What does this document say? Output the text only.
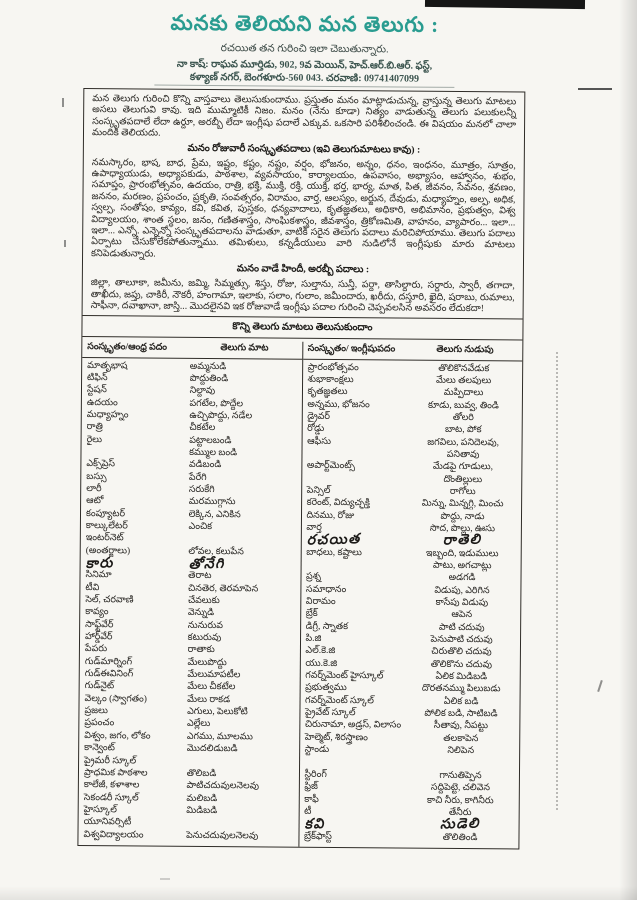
మనకు తెలియని మన తెలుగు :
రచయిత తన గురించి ఇలా చెబుతున్నారు.
నా కాష్: రాఘవ మూర్తిడు, 902, 9వ మెయిన్, హెచ్.ఆర్.బి.ఆర్. ఫస్ట్,
కళ్యాణ్ నగర్, బెంగళూరు-560 043. చరవాణి: 09741407099

మన తెలుగు గురించి కొన్ని వాస్తవాలు తెలుసుకుందాము. ప్రస్తుతం మనం మాట్లాడుచున్న, వ్రాస్తున్న తెలుగు మాటలు అసలు తెలుగువి కావు. ఇది ముమ్మాటికీ నిజం. మనం (నేను కూడా) నిత్యం వాడుతున్న తెలుగు పలుకులన్నీ సంస్కృతపదాలే లేదా ఉర్దూ, అరబ్బీ లేదా ఇంగ్లీషు పదాలే ఎక్కువ. ఒకసారి పరిశీలించండి. ఈ విషయం మనలో చాలా మందికి తెలియదు.

మనం రోజువారీ సంస్కృతపదాలు (ఇవి తెలుగుమాటలు కావు) :

నమస్కారం, భాష, బాధ, ప్రేమ, ఇష్టం, కష్టం, నష్టం, వర్షం, భోజనం, అన్నం, ధనం, ఇంధనం, మూత్రం, సూత్రం, ఉపాధ్యాయుడు, అధ్యాపకుడు, పాఠశాల, వ్యవసాయం, కార్యాలయం, ఉపవాసం, అభ్యాసం, ఆహ్వానం, శుభం, సమాప్తం, ప్రారంభోత్సవం, ఉదయం, రాత్రి, భక్తి, ముక్తి, రక్తి, యుక్తి, భర్త, భార్య, మాత, పిత, జీవనం, సేవనం, శ్రవణం, జననం, మరణం, ప్రపంచం, ప్రకృతి, సంవత్సరం, విరామం, వార్త, ఆలస్యం, అర్జున, దేవుడు, మధ్యాహ్నం, అల్ప, అధిక, స్వల్ప, సంతోషం, కావ్యం, కవి, కవిత, పుస్తకం, ధన్యవాదాలు, కృతజ్ఞతలు, అధికారి, అభిమానం, ప్రభుత్వం, విశ్వ విద్యాలయం, శాంత స్థలం, జనం, గణితశాస్త్రం, సాంఘికశాస్త్రం, జీవశాస్త్రం, త్రికోణమితి, వాహనం, వ్యాపారం... ఇలా... ఇలా... ఎన్నో. ఎన్నెన్నో సంస్కృతపదాలను వాడుతూ, వాటికి సరైన తెలుగు పదాలు మరిచిపోయాము. తెలుగు పదాలు ఏర్పాటు చేసుకోలేకపోతున్నాము. తమిళులు, కన్నడీయులు వారి నుడిలోనే ఇంగ్లీషుకు మారు మాటలు కనిపెడుతున్నారు.

మనం వాడే హిందీ, అరబ్బీ పదాలు :

జిల్లా, తాలూకా, జమీను, జమ్మి, సిమ్మత్సు, శిస్తు, రోజు, సుల్తాను, సున్తీ, పర్దా, తాసిల్దారు, సర్దారు, స్వారీ, తగాదా, తాఖీదు, జప్తు, చాకిరీ, నౌకరీ, హంగామా, ఇలాకు, సలాం, గులాం, జమీందారు, ఖరీదు, దస్తూరి, ఖైది, షరాబు, రుమాలు, సాఫీనా, దవాఖానా, జాస్తి... మొదలైనవి ఇక రోజువాడే ఇంగ్లీషు పదాల గురించి చెప్పవలసిన అవసరం లేదుకదా!

కొన్ని తెలుగు మాటలు తెలుసుకుందాం
సంస్కృతం/ఆంధ్ర పదం	తెలుగు మాట
మాతృభాష	అమ్మనుడి
టిఫిన్	పొద్దుతిండి
స్టేషన్	నిల్దావు
ఉదయం	పగటేల, పొద్దేల
మధ్యాహ్నం	ఉచ్చిపొద్దు, నడేల
రాత్రి	చీకటేల
రైలు	పట్టాలబండి
కమ్ముల బండి
ఎక్స్‌ప్రెస్	వడిబండి
బస్సు	పేరేగి
లారీ	సరుకేగి
ఆటో	మరముగ్గాను
కంప్యూటర్	లెక్కిన, ఎనికిన
కాల్కులేటర్	ఎంచిక
ఇంటర్‌నెట్
(అంతర్జాలు)	లోవల, కలుపేన
కారు	తోనేగి
సినిమా	తెరాట
టీవి	చినతెర, తెరమాపెన
సెల్, చరవాణి	చేవలుకు
కావ్యం	వెన్నుడి
సాఫ్ట్‌వేర్	నునురువ
హార్డ్‌వేర్	కటురువు
పేపరు	రాతాకు
గుడ్‌మార్నింగ్	మేలుపొద్దు
గుడ్‌ఈవినింగ్	మేలుమాపటీల
గుడ్‌నైట్	మేలు చీకటేల
వెల్కం (స్వాగతం)	మేలు రాకడ
ప్రజలు	ఎగులు, పెలుకోటి
ప్రపంచం	ఎల్లేలు
విశ్వం, జగం, లోకం	ఎగము, మూలము
కాన్వెంట్	మొదలిడుబడి
ప్రైమరీ స్కూల్
ప్రాధమిక పాఠశాల	తొలిబడి
కాలేజీ, కళాశాల	పాటిచదువులనెలవు
సెకండరీ స్కూల్	మలిబడి
హైస్కూల్	మిడిబడి
యూనివర్సిటీ
విశ్వవిద్యాలయం	పెనుచదువులనెలవు
సంస్కృతం/ ఇంగ్లీషుపదం	తెలుగు నుడుపు
ప్రారంభోత్సవం	తొలికొనవేడుక
శుభాకాంక్షలు	మేలు తలపులు
కృతజ్ఞతలు	మప్పిదాలు
అన్నము, భోజనం	కూడు, బువ్వ, తిండి
డ్రైవర్	తోలరి
రోడ్డు	బాట, పోక
ఆఫీసు	జగవిలు, పనిదెలవు,
పనితావు
అపార్ట్‌మెంట్స్	మేడపై గూడులు,
దొంతిల్లులు
పెన్సిల్	రాగోలు
కరెంట్, విద్యుచ్ఛక్తి	మిన్ను, మిన్నగ్గి, మించు
దినము, రోజు	పొద్దు, నాడు
వార్త	సొద, పొల్లు, ఊసు
రచయిత	రాతెలి
బాధలు, కష్టాలు	ఇబ్బంది, ఇడుములు
పాటు, అగచాట్లు
ప్రశ్న	అడగడి
సమాధానం	విడుపు, ఎరిగిన
విరామం	కాసేపు విడుపు
బ్రేక్	ఆపెన
డిగ్రీ, స్నాతక	పాటి చదువు
పి.జి	పెనుపాటి చదువు
ఎల్.కె.జి	చిరుతొలి చదువు
యు.కె.జి	తొలికొను చదువు
గవర్న్‌మెంట్ హైస్కూల్	ఏలిక మిడిబడి
ప్రభుత్వము	దొరతనమ్ము పిలుబడు
గవర్న్‌మెంట్ స్కూల్	ఏలిక బడి
ప్రైవేట్ స్కూల్	పోలిక బడి, సాటిబడి
చిరునామా, అడ్రస్, విలాసం	సీతావు, నీపట్టు
హెల్మెట్, శిరస్త్రాణం	తలకాపెన
స్టాండు	నిలిపెన
స్టీరింగ్	గానుతిప్పెన
ఫ్రిజ్	సద్దిపెట్టె, చలివెన
కాఫీ	కాచి నీరు, కాగినీరు
టీ	తేనీరు
కవి	సుడెలి
బ్రేక్‌ఫాస్ట్	తొలితిండి
